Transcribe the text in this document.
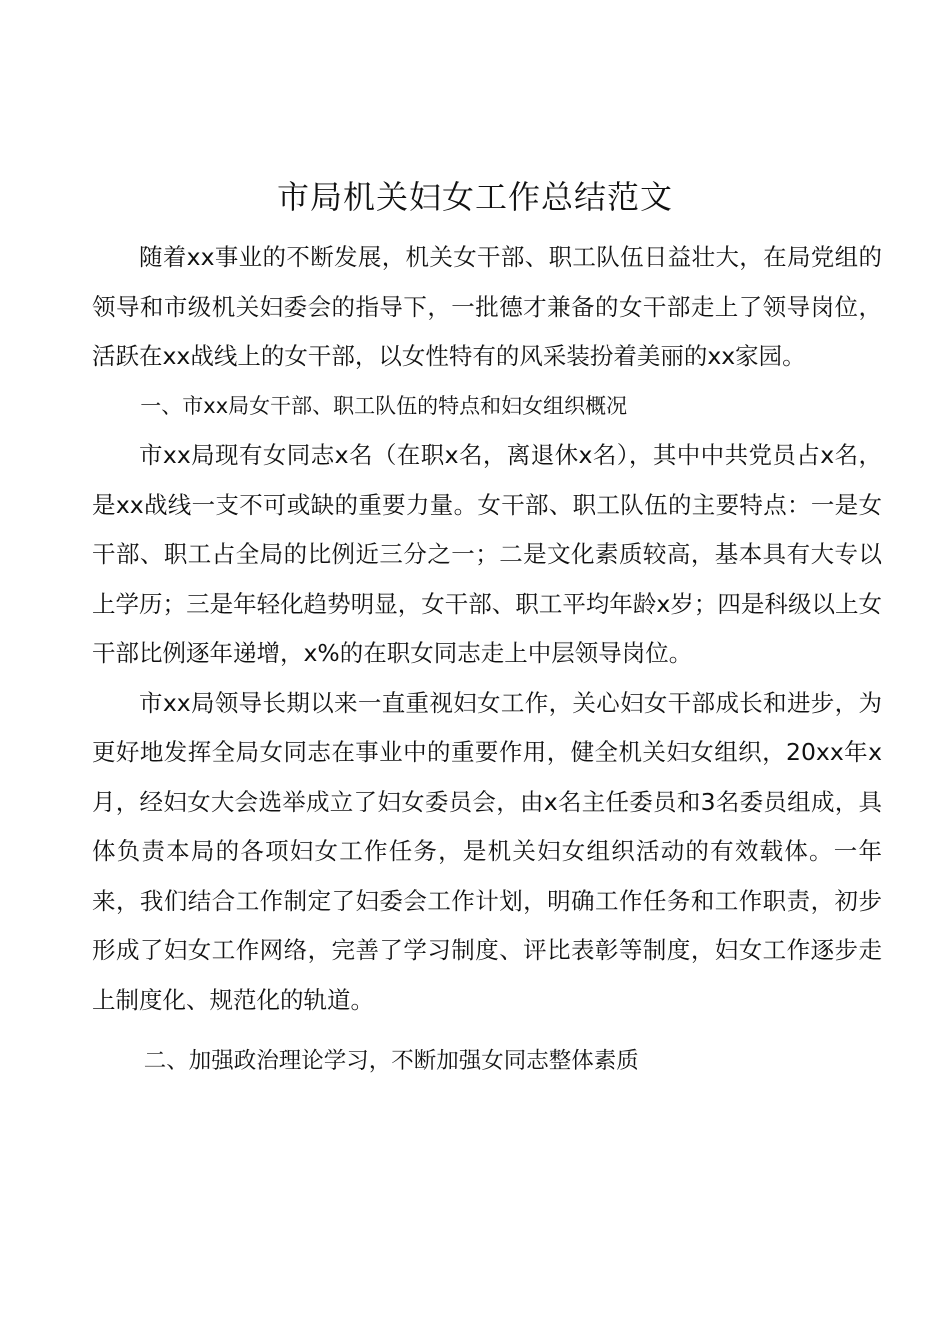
市局机关妇女工作总结范文

随着xx事业的不断发展，机关女干部、职工队伍日益壮大，在局党组的领导和市级机关妇委会的指导下，一批德才兼备的女干部走上了领导岗位，活跃在xx战线上的女干部，以女性特有的风采装扮着美丽的xx家园。

一、市xx局女干部、职工队伍的特点和妇女组织概况

市xx局现有女同志x名（在职x名，离退休x名），其中中共党员占x名，是xx战线一支不可或缺的重要力量。女干部、职工队伍的主要特点：一是女干部、职工占全局的比例近三分之一；二是文化素质较高，基本具有大专以上学历；三是年轻化趋势明显，女干部、职工平均年龄x岁；四是科级以上女干部比例逐年递增，x%的在职女同志走上中层领导岗位。

市xx局领导长期以来一直重视妇女工作，关心妇女干部成长和进步，为更好地发挥全局女同志在事业中的重要作用，健全机关妇女组织，20xx年x月，经妇女大会选举成立了妇女委员会，由x名主任委员和3名委员组成，具体负责本局的各项妇女工作任务，是机关妇女组织活动的有效载体。一年来，我们结合工作制定了妇委会工作计划，明确工作任务和工作职责，初步形成了妇女工作网络，完善了学习制度、评比表彰等制度，妇女工作逐步走上制度化、规范化的轨道。

二、加强政治理论学习，不断加强女同志整体素质
